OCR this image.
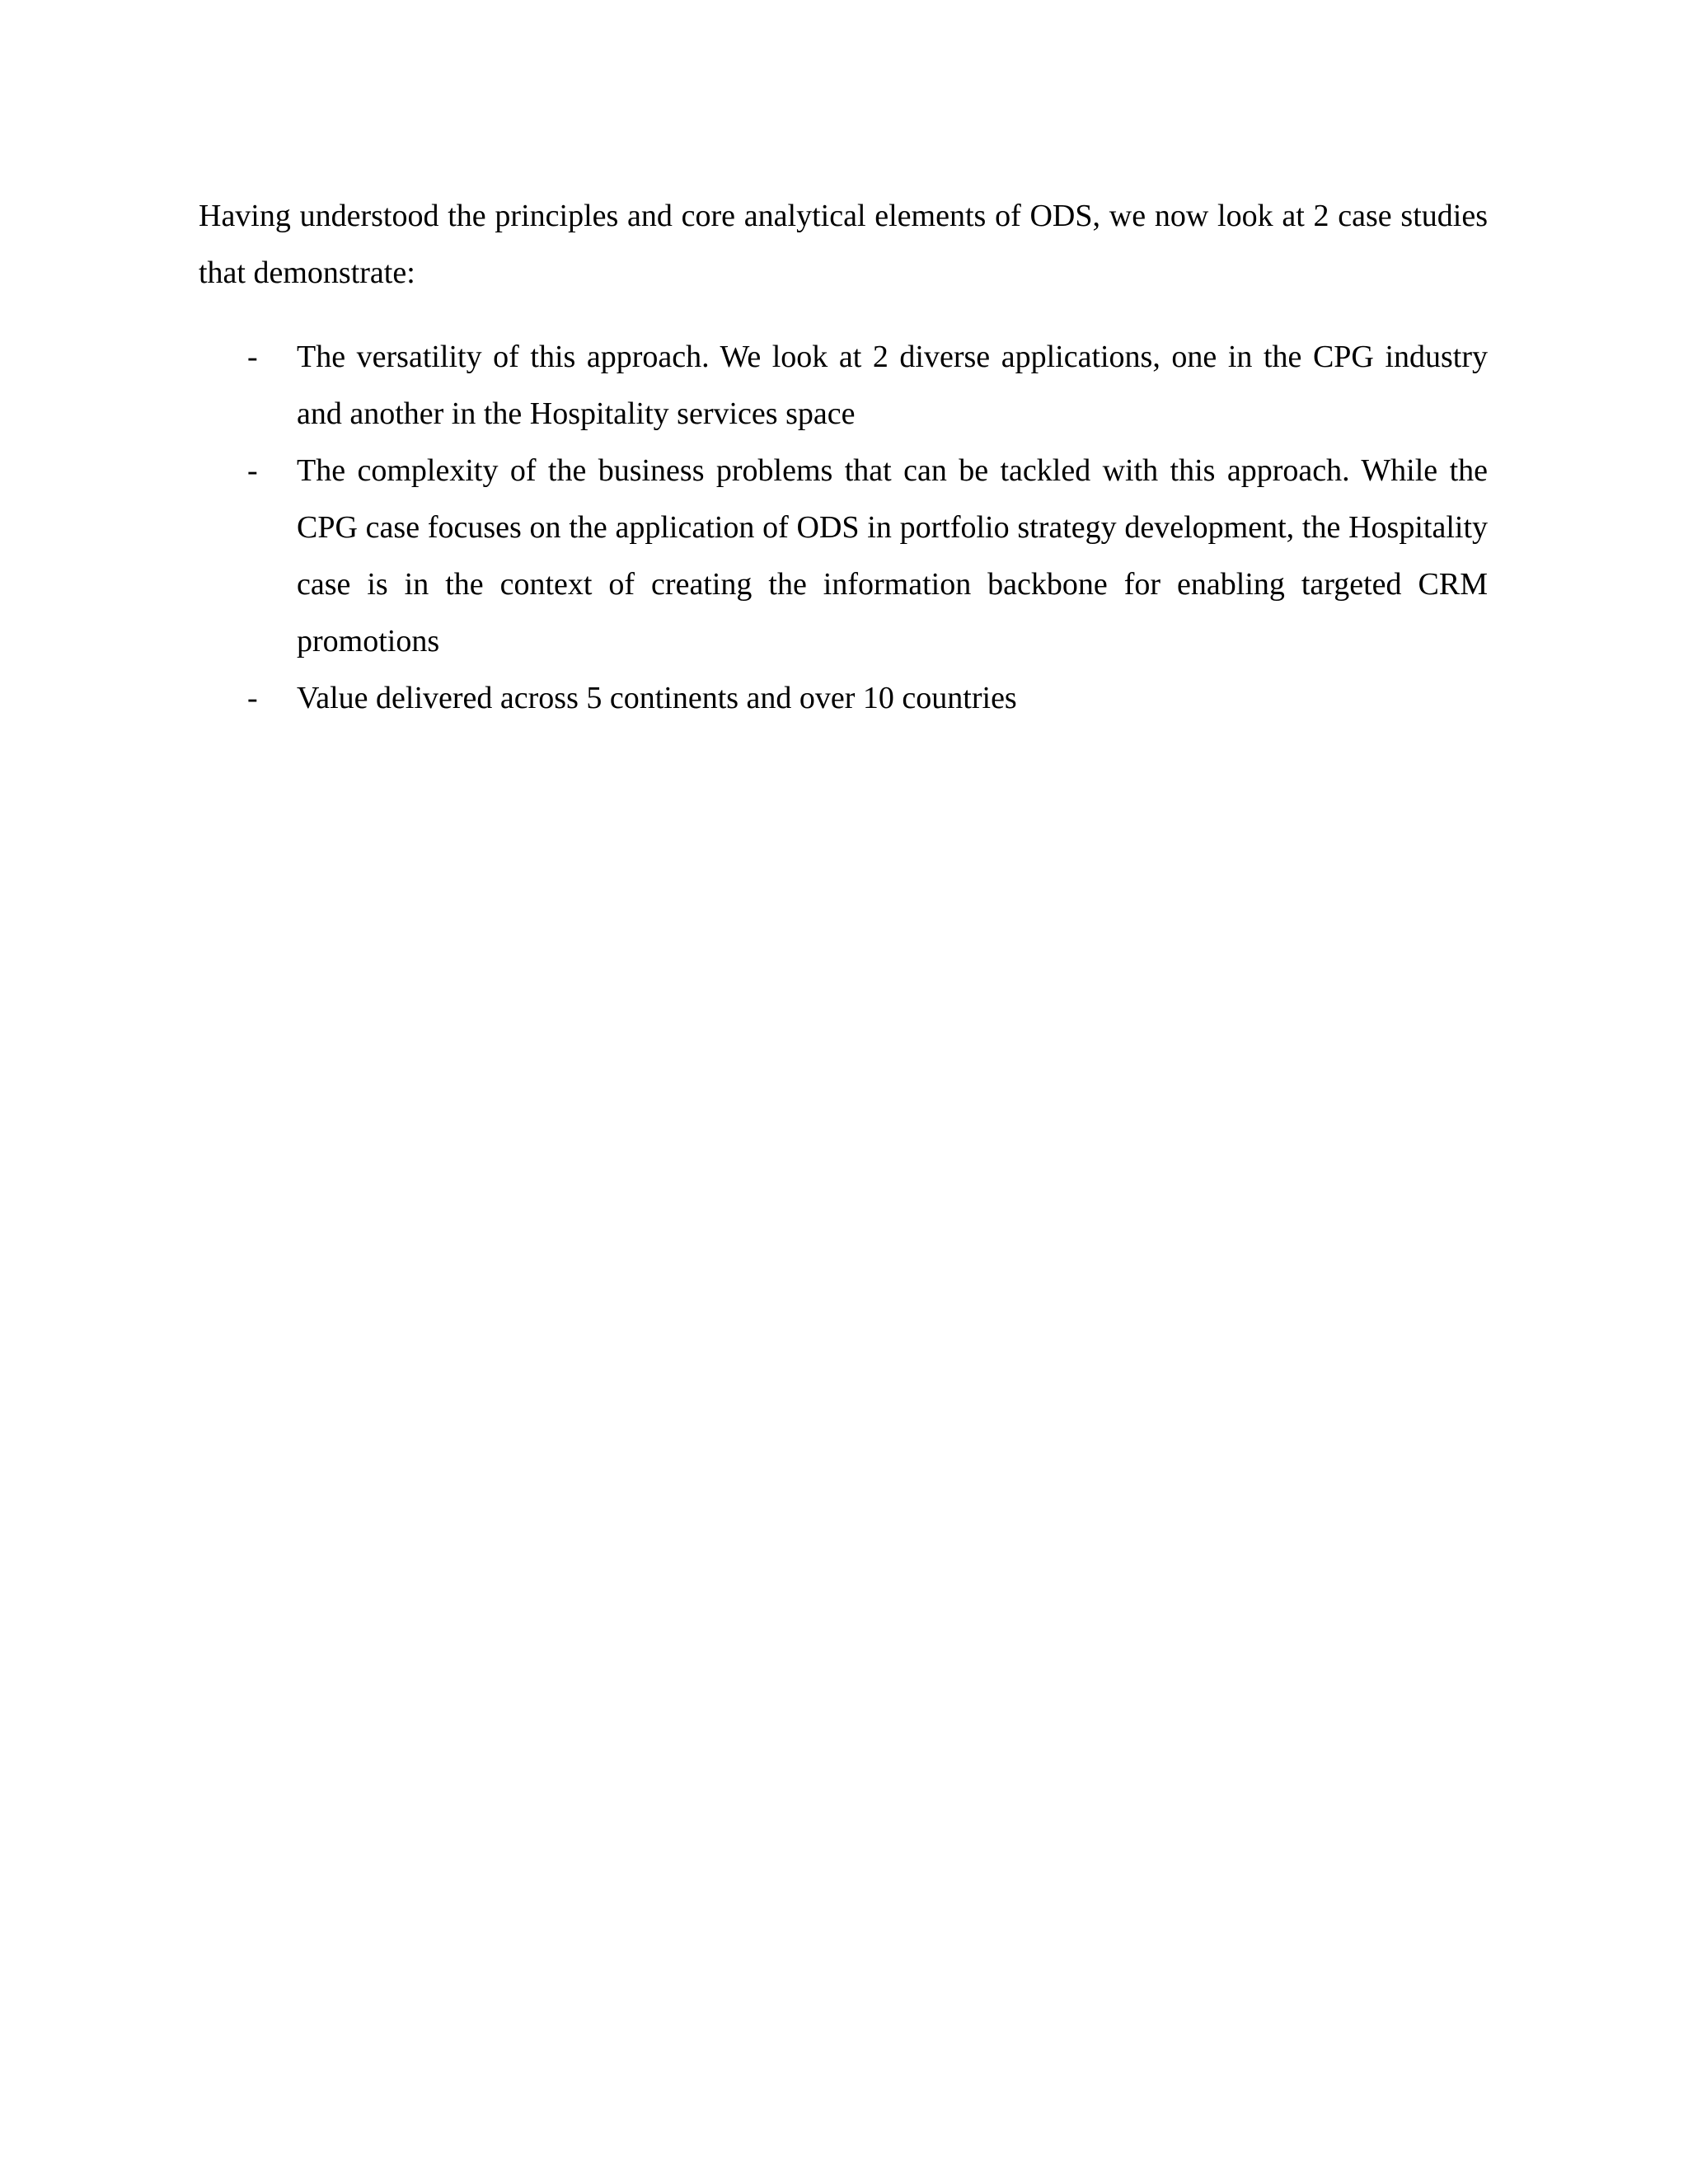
Having understood the principles and core analytical elements of ODS, we now look at 2 case studies that demonstrate:

- The versatility of this approach. We look at 2 diverse applications, one in the CPG industry and another in the Hospitality services space
- The complexity of the business problems that can be tackled with this approach. While the CPG case focuses on the application of ODS in portfolio strategy development, the Hospitality case is in the context of creating the information backbone for enabling targeted CRM promotions
- Value delivered across 5 continents and over 10 countries
